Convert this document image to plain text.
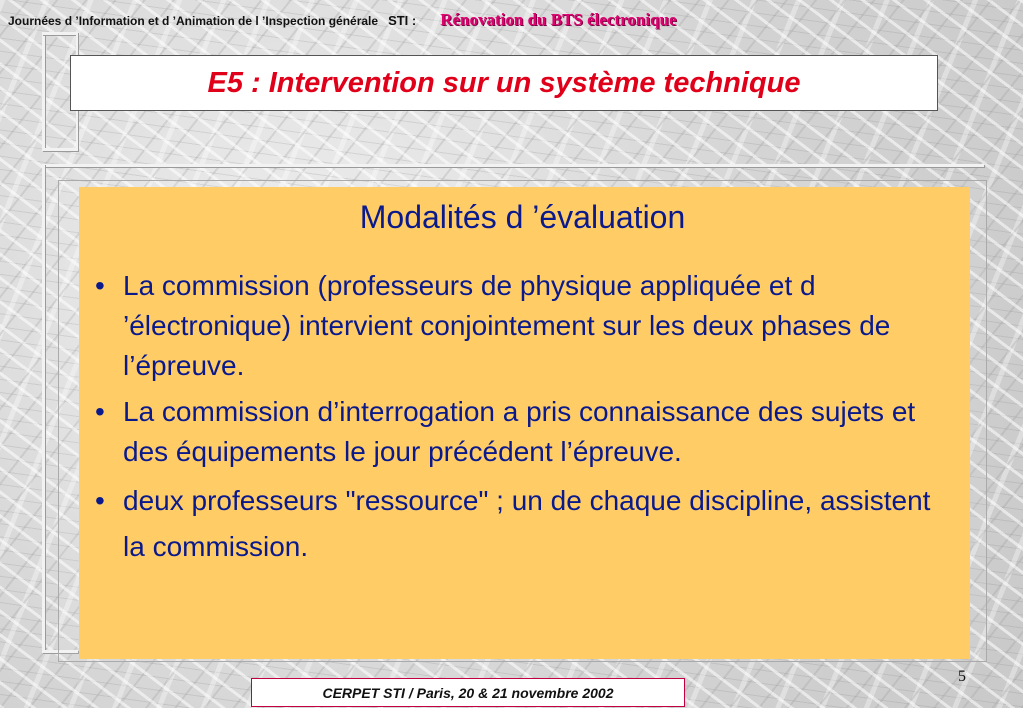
Journées d ’Information et d ’Animation de l ’Inspection générale STI : Rénovation du BTS électronique
E5 : Intervention sur un système technique
Modalités d ’évaluation
• La commission (professeurs de physique appliquée et d ’électronique) intervient conjointement sur les deux phases de l’épreuve.
• La commission d’interrogation a pris connaissance des sujets et des équipements le jour précédent l’épreuve.
• deux professeurs "ressource" ; un de chaque discipline, assistent la commission.
5
CERPET STI / Paris, 20 & 21 novembre 2002
